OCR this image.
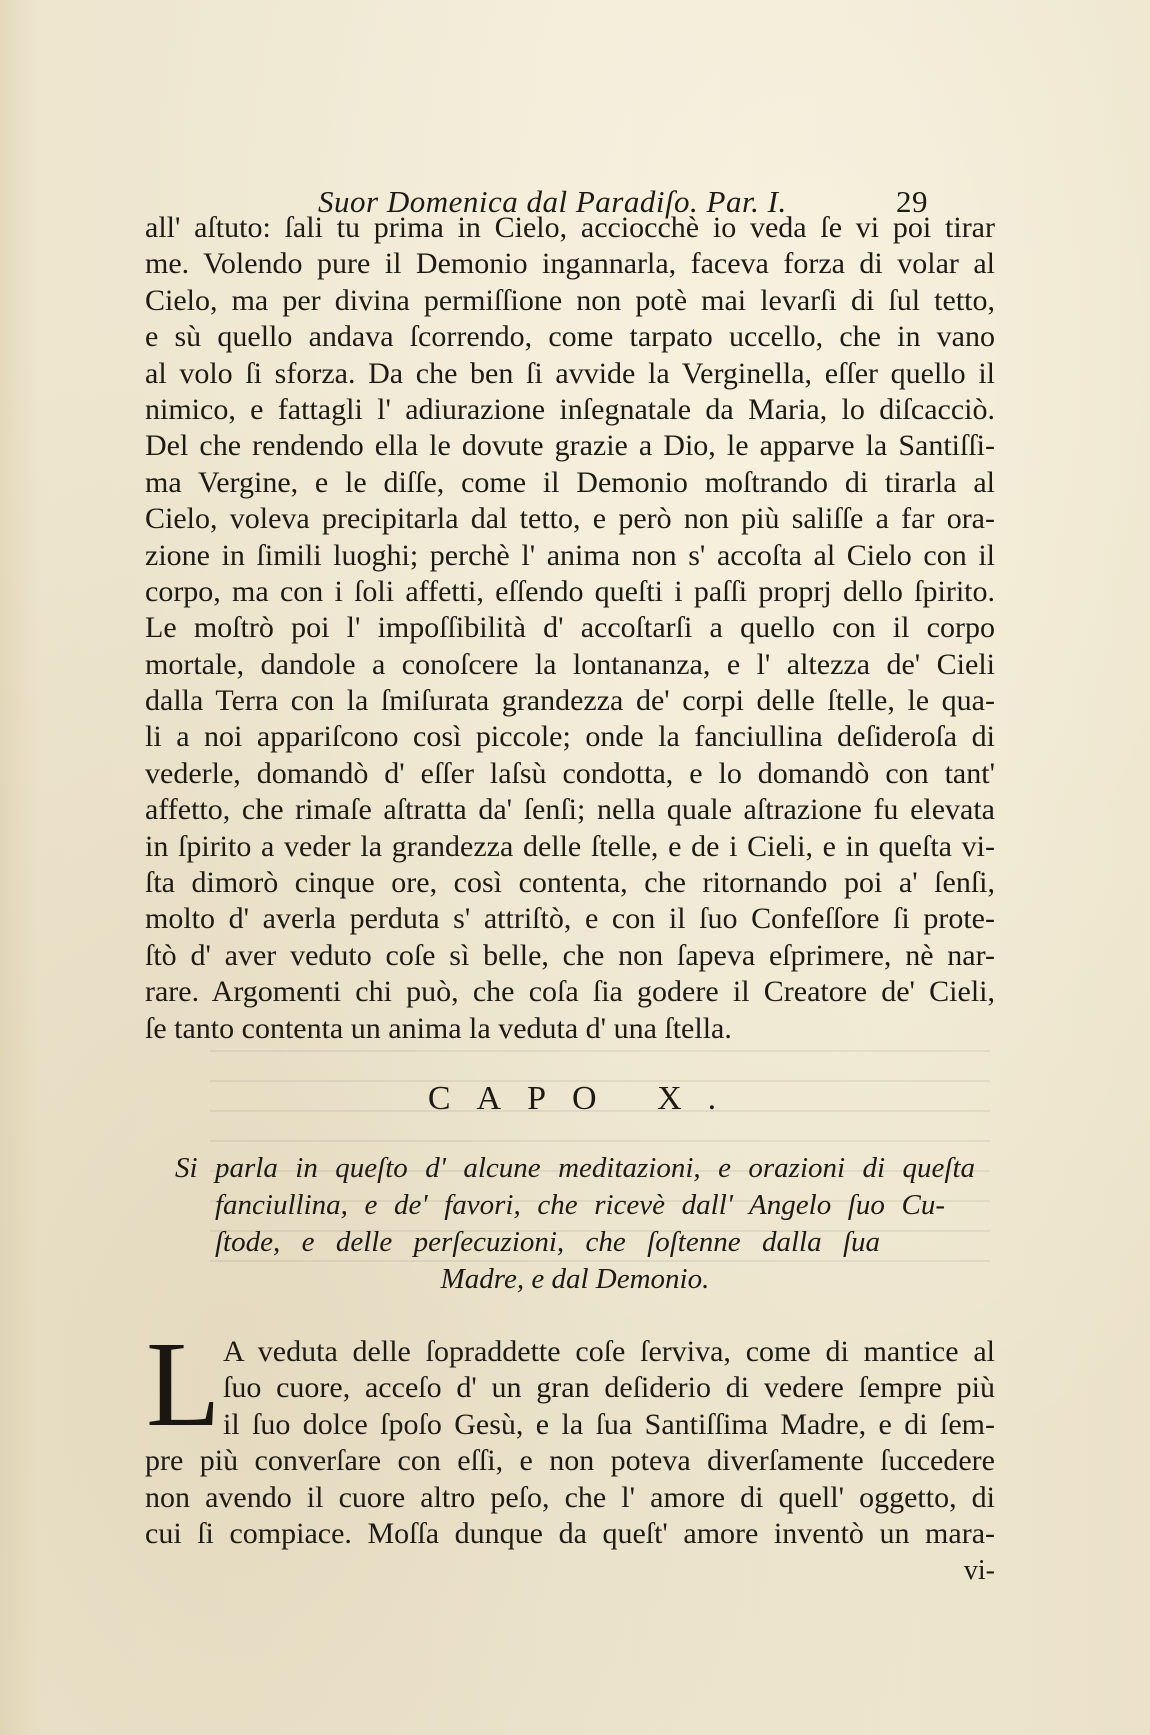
Suor Domenica dal Paradiſo. Par. I.	29
all' aſtuto: ſali tu prima in Cielo, acciocchè io veda ſe vi poi tirar
me. Volendo pure il Demonio ingannarla, faceva forza di volar al
Cielo, ma per divina permiſſione non potè mai levarſi di ſul tetto,
e sù quello andava ſcorrendo, come tarpato uccello, che in vano
al volo ſi sforza. Da che ben ſi avvide la Verginella, eſſer quello il
nimico, e fattagli l' adiurazione inſegnatale da Maria, lo diſcacciò.
Del che rendendo ella le dovute grazie a Dio, le apparve la Santiſſi-
ma Vergine, e le diſſe, come il Demonio moſtrando di tirarla al
Cielo, voleva precipitarla dal tetto, e però non più saliſſe a far ora-
zione in ſimili luoghi; perchè l' anima non s' accoſta al Cielo con il
corpo, ma con i ſoli affetti, eſſendo queſti i paſſi proprj dello ſpirito.
Le moſtrò poi l' impoſſibilità d' accoſtarſi a quello con il corpo
mortale, dandole a conoſcere la lontananza, e l' altezza de' Cieli
dalla Terra con la ſmiſurata grandezza de' corpi delle ſtelle, le qua-
li a noi appariſcono così piccole; onde la fanciullina deſideroſa di
vederle, domandò d' eſſer laſsù condotta, e lo domandò con tant'
affetto, che rimaſe aſtratta da' ſenſi; nella quale aſtrazione fu elevata
in ſpirito a veder la grandezza delle ſtelle, e de i Cieli, e in queſta vi-
ſta dimorò cinque ore, così contenta, che ritornando poi a' ſenſi,
molto d' averla perduta s' attriſtò, e con il ſuo Confeſſore ſi prote-
ſtò d' aver veduto coſe sì belle, che non ſapeva eſprimere, nè nar-
rare. Argomenti chi può, che coſa ſia godere il Creatore de' Cieli,
ſe tanto contenta un anima la veduta d' una ſtella.
CAPO X.
Si parla in queſto d' alcune meditazioni, e orazioni di queſta
fanciullina, e de' favori, che ricevè dall' Angelo ſuo Cu-
ſtode, e delle perſecuzioni, che ſoſtenne dalla ſua
Madre, e dal Demonio.
L A veduta delle ſopraddette coſe ſerviva, come di mantice al
ſuo cuore, acceſo d' un gran deſiderio di vedere ſempre più
il ſuo dolce ſpoſo Gesù, e la ſua Santiſſima Madre, e di ſem-
pre più converſare con eſſi, e non poteva diverſamente ſuccedere
non avendo il cuore altro peſo, che l' amore di quell' oggetto, di
cui ſi compiace. Moſſa dunque da queſt' amore inventò un mara-
vi-
